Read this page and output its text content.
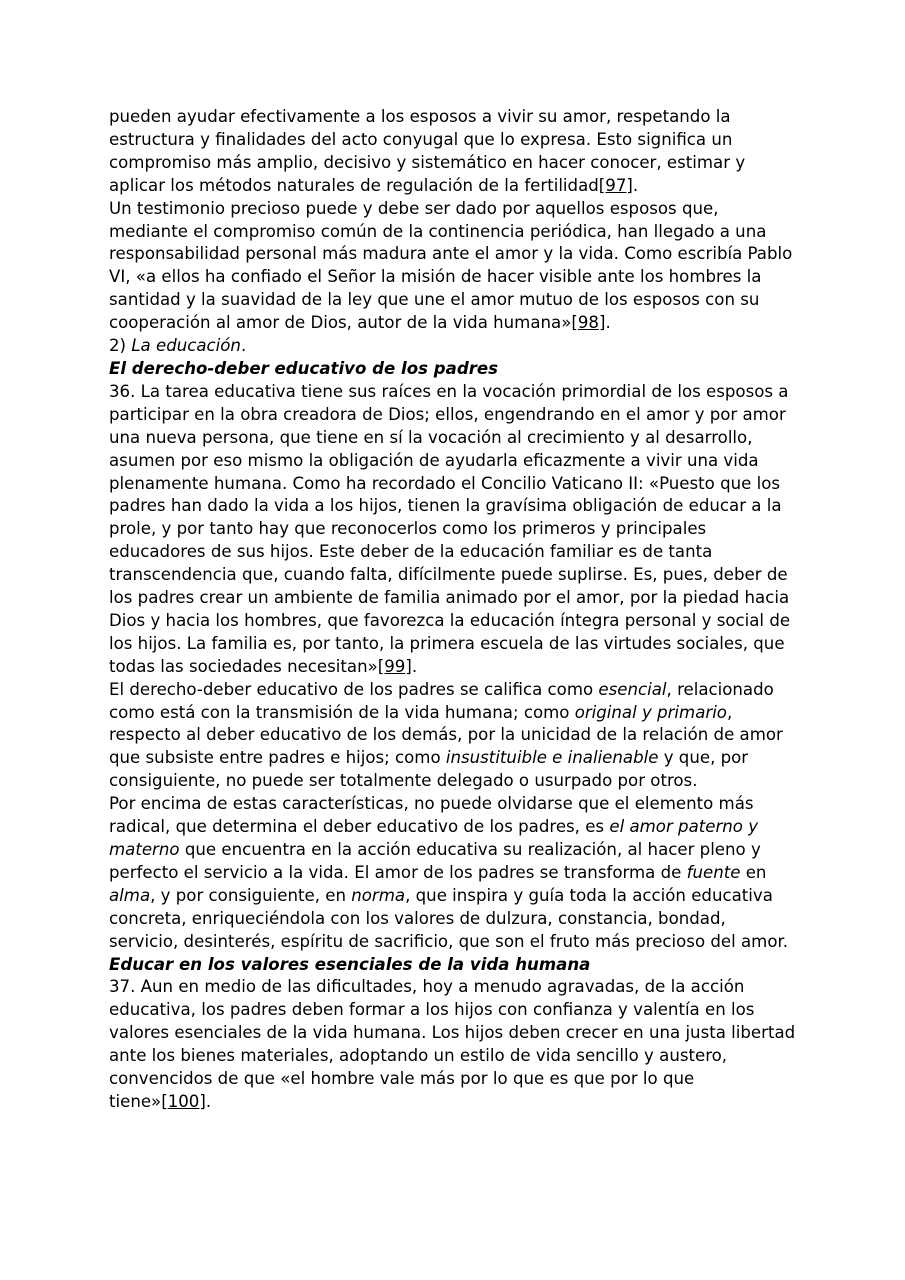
pueden ayudar efectivamente a los esposos a vivir su amor, respetando la estructura y finalidades del acto conyugal que lo expresa. Esto significa un compromiso más amplio, decisivo y sistemático en hacer conocer, estimar y aplicar los métodos naturales de regulación de la fertilidad[97].

Un testimonio precioso puede y debe ser dado por aquellos esposos que, mediante el compromiso común de la continencia periódica, han llegado a una responsabilidad personal más madura ante el amor y la vida. Como escribía Pablo VI, «a ellos ha confiado el Señor la misión de hacer visible ante los hombres la santidad y la suavidad de la ley que une el amor mutuo de los esposos con su cooperación al amor de Dios, autor de la vida humana»[98].

2) La educación.

El derecho-deber educativo de los padres

36. La tarea educativa tiene sus raíces en la vocación primordial de los esposos a participar en la obra creadora de Dios; ellos, engendrando en el amor y por amor una nueva persona, que tiene en sí la vocación al crecimiento y al desarrollo, asumen por eso mismo la obligación de ayudarla eficazmente a vivir una vida plenamente humana. Como ha recordado el Concilio Vaticano II: «Puesto que los padres han dado la vida a los hijos, tienen la gravísima obligación de educar a la prole, y por tanto hay que reconocerlos como los primeros y principales educadores de sus hijos. Este deber de la educación familiar es de tanta transcendencia que, cuando falta, difícilmente puede suplirse. Es, pues, deber de los padres crear un ambiente de familia animado por el amor, por la piedad hacia Dios y hacia los hombres, que favorezca la educación íntegra personal y social de los hijos. La familia es, por tanto, la primera escuela de las virtudes sociales, que todas las sociedades necesitan»[99].

El derecho-deber educativo de los padres se califica como esencial, relacionado como está con la transmisión de la vida humana; como original y primario, respecto al deber educativo de los demás, por la unicidad de la relación de amor que subsiste entre padres e hijos; como insustituible e inalienable y que, por consiguiente, no puede ser totalmente delegado o usurpado por otros.

Por encima de estas características, no puede olvidarse que el elemento más radical, que determina el deber educativo de los padres, es el amor paterno y materno que encuentra en la acción educativa su realización, al hacer pleno y perfecto el servicio a la vida. El amor de los padres se transforma de fuente en alma, y por consiguiente, en norma, que inspira y guía toda la acción educativa concreta, enriqueciéndola con los valores de dulzura, constancia, bondad, servicio, desinterés, espíritu de sacrificio, que son el fruto más precioso del amor.

Educar en los valores esenciales de la vida humana

37. Aun en medio de las dificultades, hoy a menudo agravadas, de la acción educativa, los padres deben formar a los hijos con confianza y valentía en los valores esenciales de la vida humana. Los hijos deben crecer en una justa libertad ante los bienes materiales, adoptando un estilo de vida sencillo y austero, convencidos de que «el hombre vale más por lo que es que por lo que tiene»[100].
